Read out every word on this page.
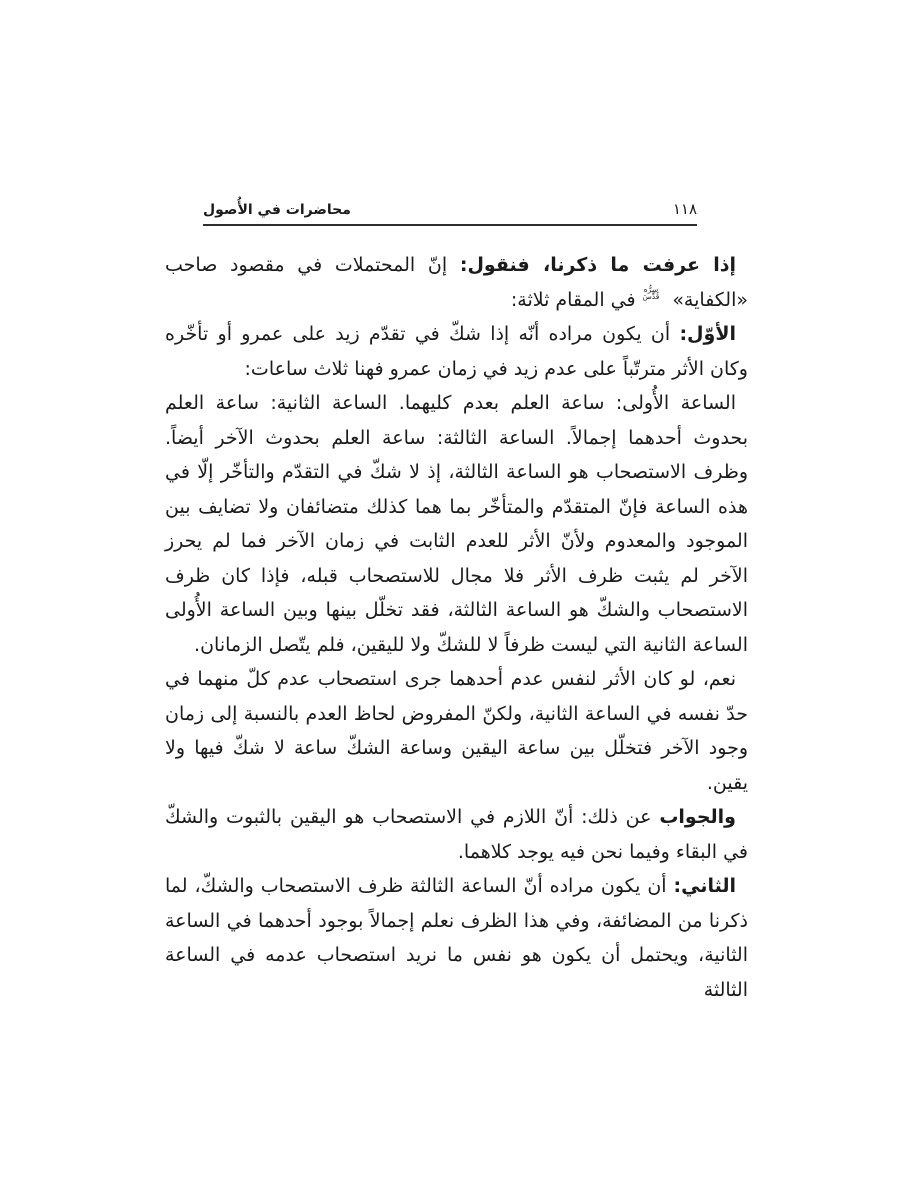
محاضرات في الأُصول	١١٨

إذا عرفت ما ذكرنا، فنقول: إنّ المحتملات في مقصود صاحب «الكفاية»
سِرُّه
قُدِّسَ
في المقام ثلاثة:

الأوّل: أن يكون مراده أنّه إذا شكّ في تقدّم زيد على عمرو أو تأخّره وكان الأثر مترتّباً على عدم زيد في زمان عمرو فهنا ثلاث ساعات:

الساعة الأُولى: ساعة العلم بعدم كليهما. الساعة الثانية: ساعة العلم بحدوث أحدهما إجمالاً. الساعة الثالثة: ساعة العلم بحدوث الآخر أيضاً. وظرف الاستصحاب هو الساعة الثالثة، إذ لا شكّ في التقدّم والتأخّر إلّا في هذه الساعة فإنّ المتقدّم والمتأخّر بما هما كذلك متضائفان ولا تضايف بين الموجود والمعدوم ولأنّ الأثر للعدم الثابت في زمان الآخر فما لم يحرز الآخر لم يثبت ظرف الأثر فلا مجال للاستصحاب قبله، فإذا كان ظرف الاستصحاب والشكّ هو الساعة الثالثة، فقد تخلّل بينها وبين الساعة الأُولى الساعة الثانية التي ليست ظرفاً لا للشكّ ولا لليقين، فلم يتّصل الزمانان.

نعم، لو كان الأثر لنفس عدم أحدهما جرى استصحاب عدم كلّ منهما في حدّ نفسه في الساعة الثانية، ولكنّ المفروض لحاظ العدم بالنسبة إلى زمان وجود الآخر فتخلّل بين ساعة اليقين وساعة الشكّ ساعة لا شكّ فيها ولا يقين.

والجواب عن ذلك: أنّ اللازم في الاستصحاب هو اليقين بالثبوت والشكّ في البقاء وفيما نحن فيه يوجد كلاهما.

الثاني: أن يكون مراده أنّ الساعة الثالثة ظرف الاستصحاب والشكّ، لما ذكرنا من المضائفة، وفي هذا الظرف نعلم إجمالاً بوجود أحدهما في الساعة الثانية، ويحتمل أن يكون هو نفس ما نريد استصحاب عدمه في الساعة الثالثة
